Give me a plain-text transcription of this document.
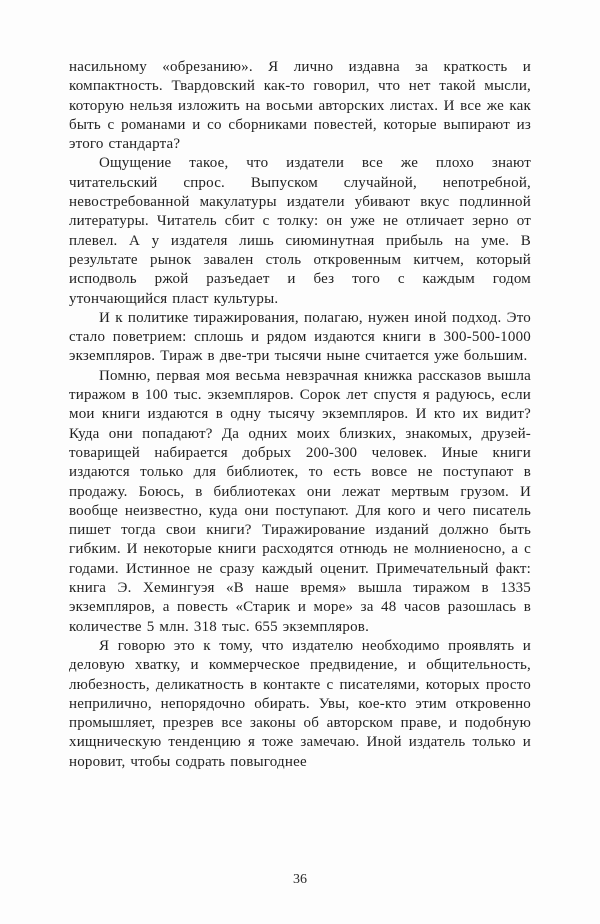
насильному «обрезанию». Я лично издавна за краткость и компактность. Твардовский как-то говорил, что нет такой мысли, которую нельзя изложить на восьми авторских листах. И все же как быть с романами и со сборниками повестей, которые выпирают из этого стандарта?

Ощущение такое, что издатели все же плохо знают читательский спрос. Выпуском случайной, непотребной, невостребованной макулатуры издатели убивают вкус подлинной литературы. Читатель сбит с толку: он уже не отличает зерно от плевел. А у издателя лишь сиюминутная прибыль на уме. В результате рынок завален столь откровенным китчем, который исподволь ржой разъедает и без того с каждым годом утончающийся пласт культуры.

И к политике тиражирования, полагаю, нужен иной подход. Это стало поветрием: сплошь и рядом издаются книги в 300-500-1000 экземпляров. Тираж в две-три тысячи ныне считается уже большим.

Помню, первая моя весьма невзрачная книжка рассказов вышла тиражом в 100 тыс. экземпляров. Сорок лет спустя я радуюсь, если мои книги издаются в одну тысячу экземпляров. И кто их видит? Куда они попадают? Да одних моих близких, знакомых, друзей-товарищей набирается добрых 200-300 человек. Иные книги издаются только для библиотек, то есть вовсе не поступают в продажу. Боюсь, в библиотеках они лежат мертвым грузом. И вообще неизвестно, куда они поступают. Для кого и чего писатель пишет тогда свои книги? Тиражирование изданий должно быть гибким. И некоторые книги расходятся отнюдь не молниеносно, а с годами. Истинное не сразу каждый оценит. Примечательный факт: книга Э. Хемингуэя «В наше время» вышла тиражом в 1335 экземпляров, а повесть «Старик и море» за 48 часов разошлась в количестве 5 млн. 318 тыс. 655 экземпляров.

Я говорю это к тому, что издателю необходимо проявлять и деловую хватку, и коммерческое предвидение, и общительность, любезность, деликатность в контакте с писателями, которых просто неприлично, непорядочно обирать. Увы, кое-кто этим откровенно промышляет, презрев все законы об авторском праве, и подобную хищническую тенденцию я тоже замечаю. Иной издатель только и норовит, чтобы содрать повыгоднее

36
